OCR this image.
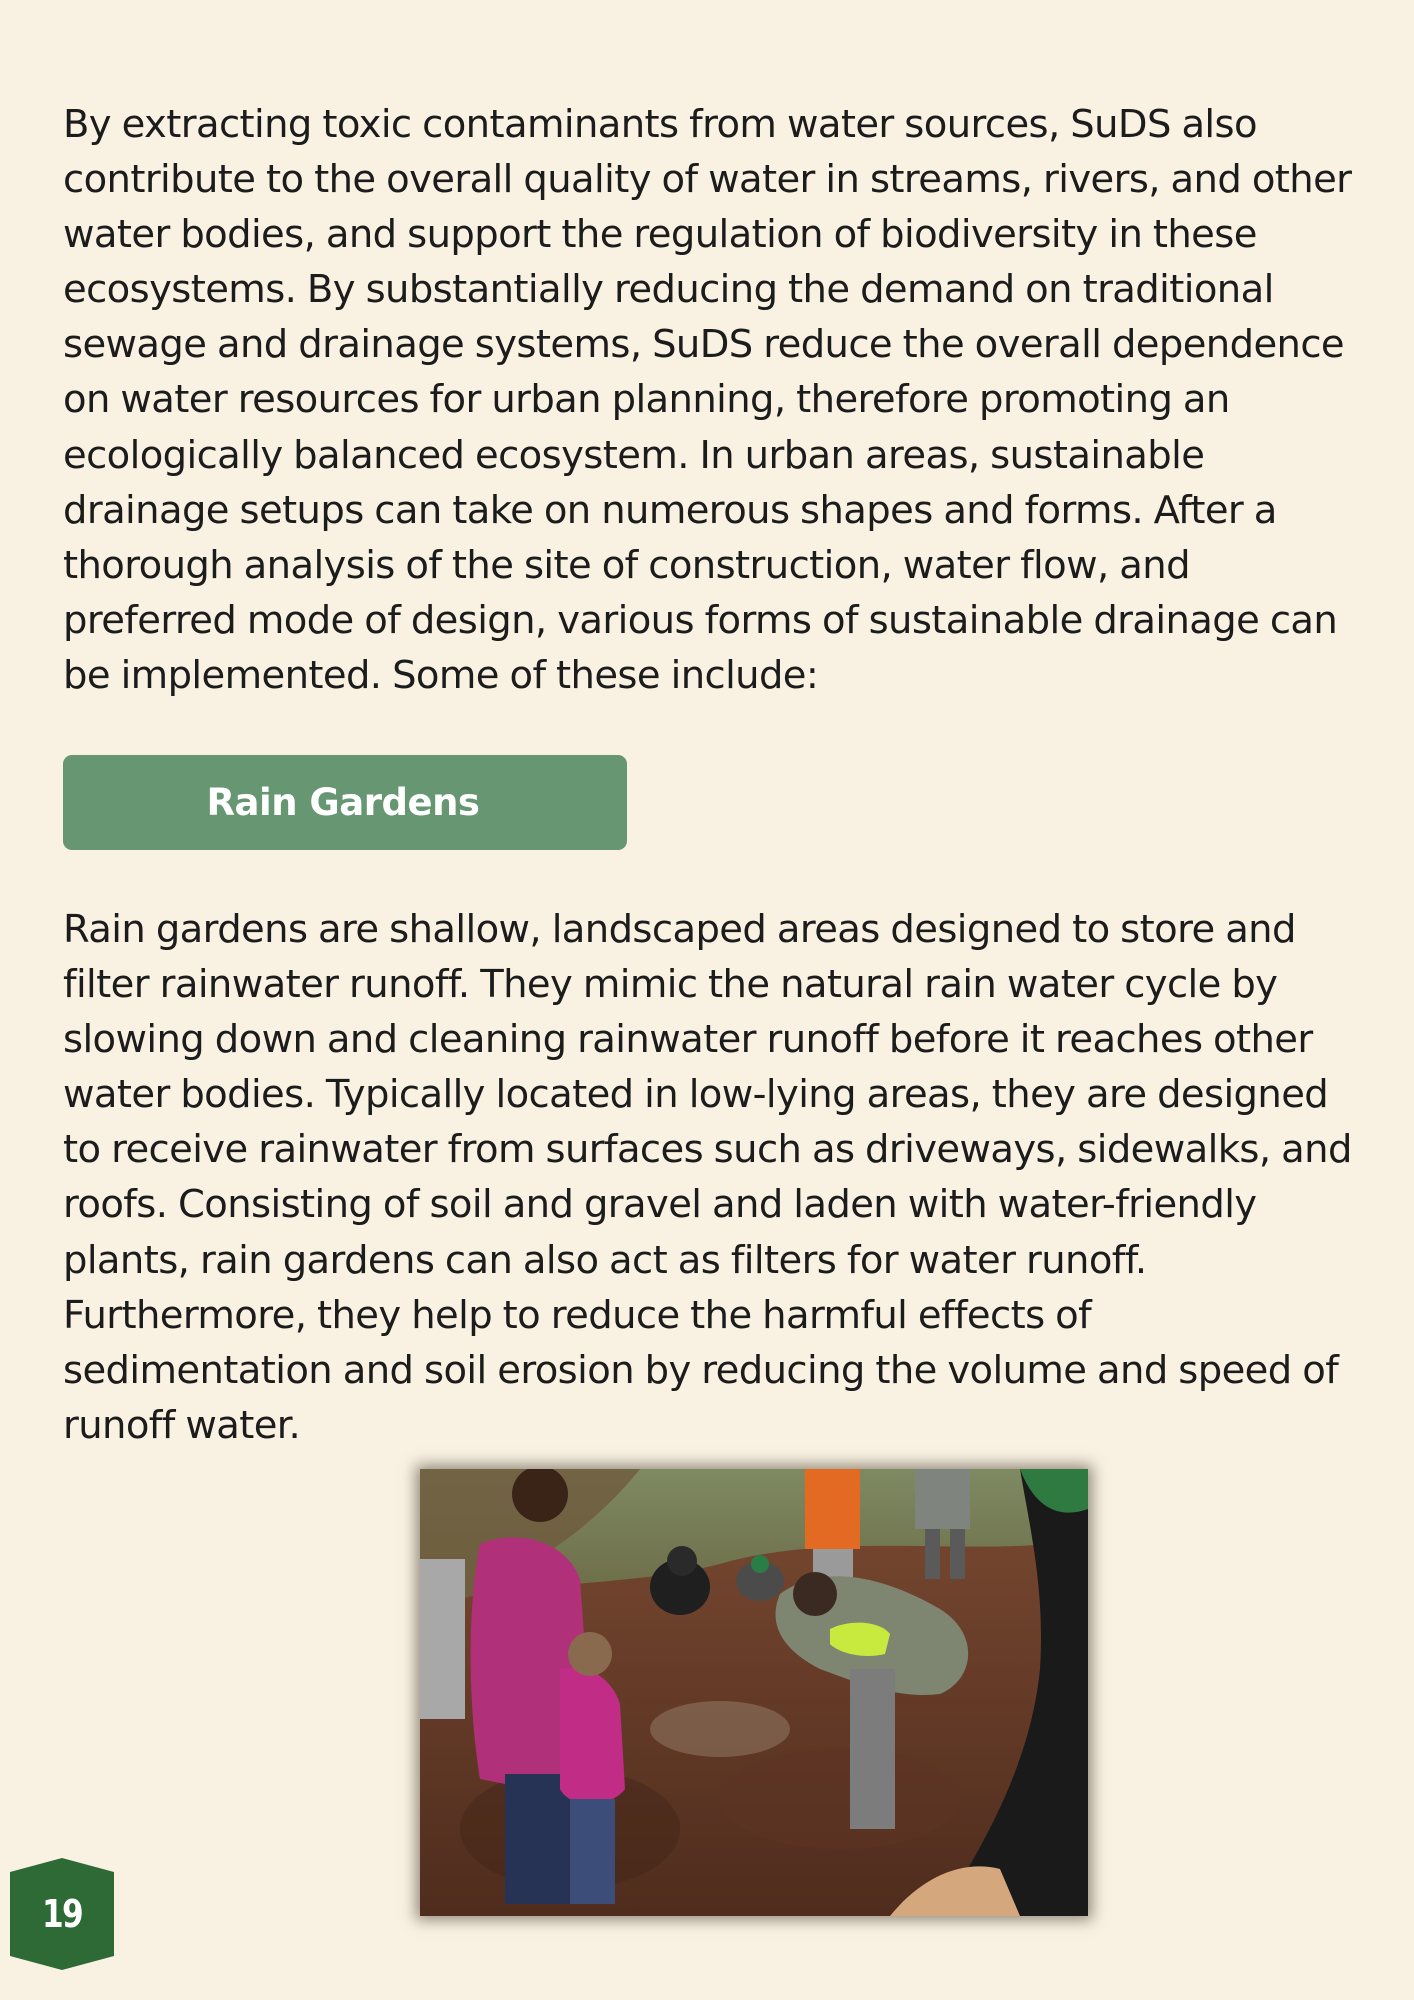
By extracting toxic contaminants from water sources, SuDS also contribute to the overall quality of water in streams, rivers, and other water bodies, and support the regulation of biodiversity in these ecosystems. By substantially reducing the demand on traditional sewage and drainage systems, SuDS reduce the overall dependence on water resources for urban planning, therefore promoting an ecologically balanced ecosystem. In urban areas, sustainable drainage setups can take on numerous shapes and forms. After a thorough analysis of the site of construction, water flow, and preferred mode of design, various forms of sustainable drainage can be implemented. Some of these include:

Rain Gardens

Rain gardens are shallow, landscaped areas designed to store and filter rainwater runoff. They mimic the natural rain water cycle by slowing down and cleaning rainwater runoff before it reaches other water bodies. Typically located in low-lying areas, they are designed to receive rainwater from surfaces such as driveways, sidewalks, and roofs. Consisting of soil and gravel and laden with water-friendly plants, rain gardens can also act as filters for water runoff. Furthermore, they help to reduce the harmful effects of sedimentation and soil erosion by reducing the volume and speed of runoff water.

19
